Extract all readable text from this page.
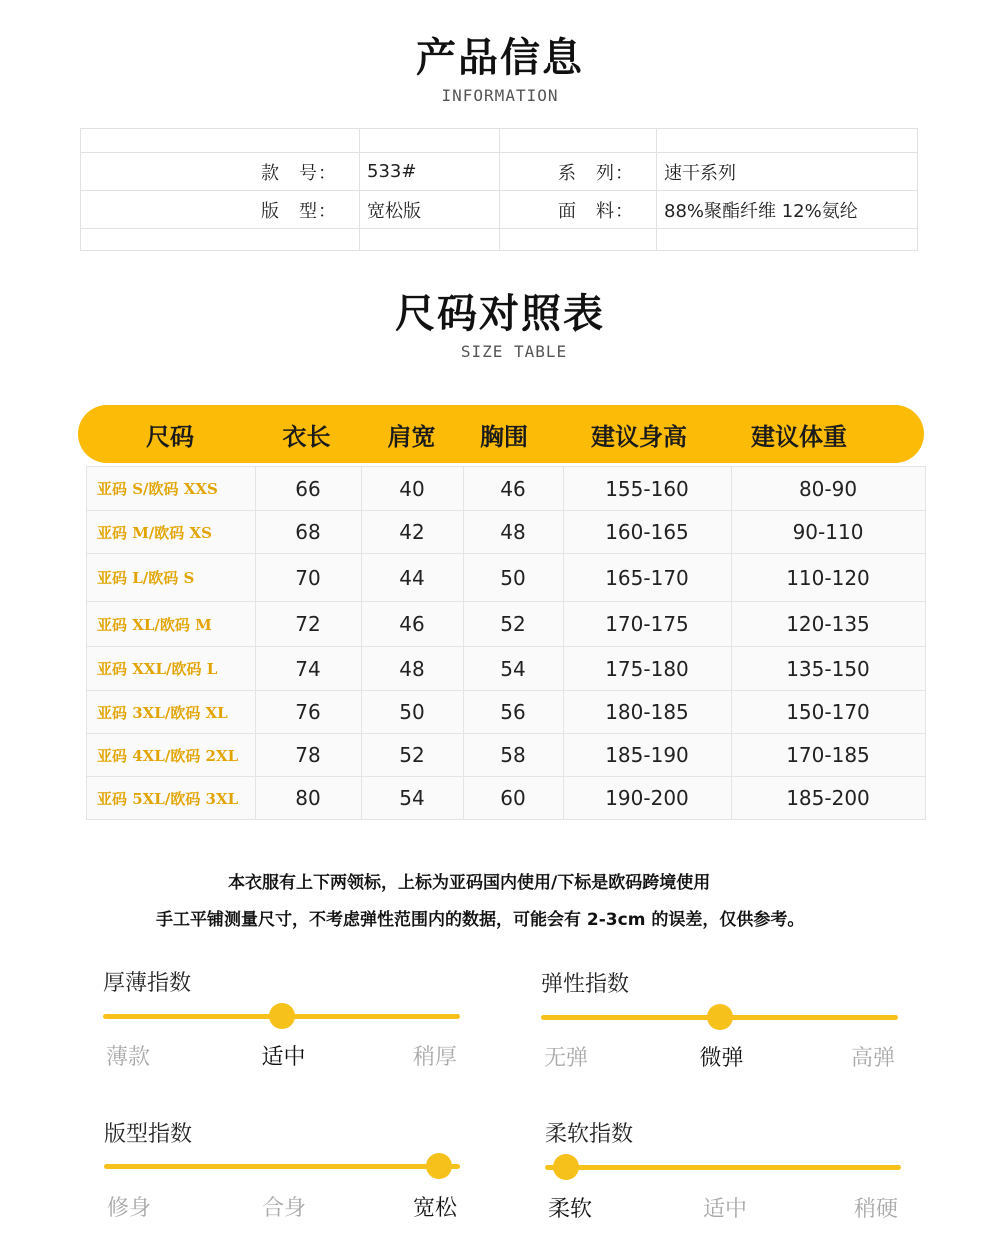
产品信息
INFORMATION
款　号：	533#	系　列：	速干系列
版　型：	宽松版	面　料：	88%聚酯纤维 12%氨纶
尺码对照表
SIZE TABLE
尺码	衣长	肩宽	胸围	建议身高	建议体重
亚码 S/欧码 XXS	66	40	46	155-160	80-90
亚码 M/欧码 XS	68	42	48	160-165	90-110
亚码 L/欧码 S	70	44	50	165-170	110-120
亚码 XL/欧码 M	72	46	52	170-175	120-135
亚码 XXL/欧码 L	74	48	54	175-180	135-150
亚码 3XL/欧码 XL	76	50	56	180-185	150-170
亚码 4XL/欧码 2XL	78	52	58	185-190	170-185
亚码 5XL/欧码 3XL	80	54	60	190-200	185-200
本衣服有上下两领标，上标为亚码国内使用/下标是欧码跨境使用
手工平铺测量尺寸，不考虑弹性范围内的数据，可能会有 2-3cm 的误差，仅供参考。
厚薄指数
薄款	适中	稍厚
弹性指数
无弹	微弹	高弹
版型指数
修身	合身	宽松
柔软指数
柔软	适中	稍硬
